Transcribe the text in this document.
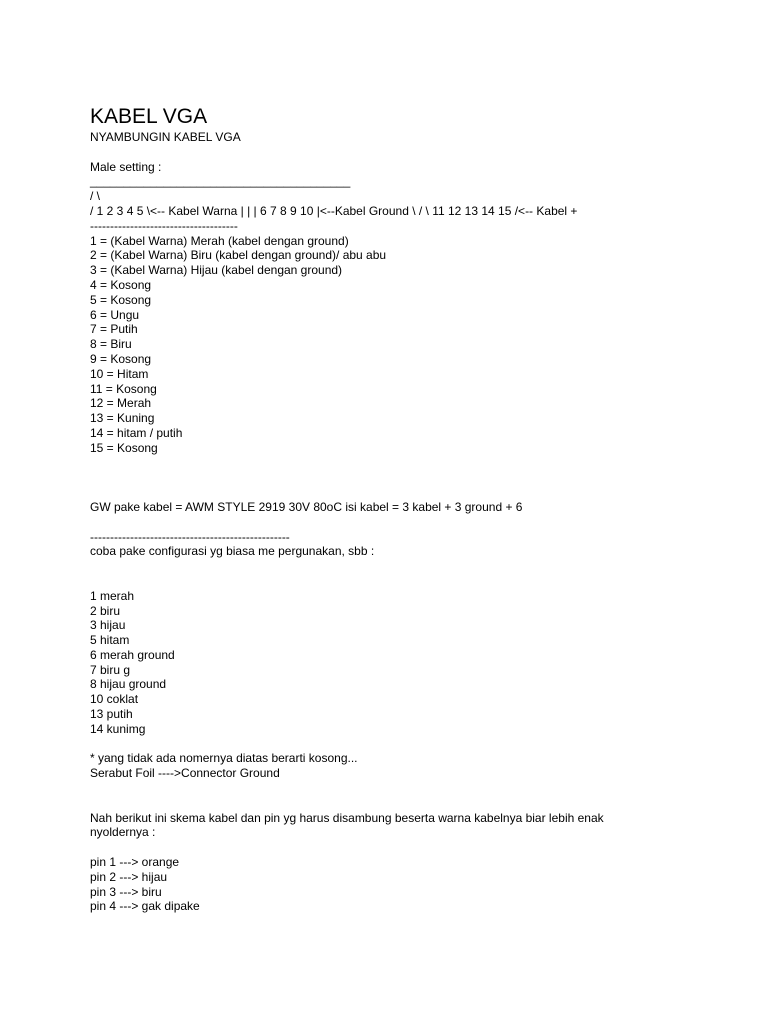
KABEL VGA
NYAMBUNGIN KABEL VGA
Male setting :
_______________________________________
/ \
/ 1 2 3 4 5 \<-- Kabel Warna | | | 6 7 8 9 10 |<--Kabel Ground \ / \ 11 12 13 14 15 /<-- Kabel +
-------------------------------------
1 = (Kabel Warna) Merah (kabel dengan ground)
2 = (Kabel Warna) Biru (kabel dengan ground)/ abu abu
3 = (Kabel Warna) Hijau (kabel dengan ground)
4 = Kosong
5 = Kosong
6 = Ungu
7 = Putih
8 = Biru
9 = Kosong
10 = Hitam
11 = Kosong
12 = Merah
13 = Kuning
14 = hitam / putih
15 = Kosong
GW pake kabel = AWM STYLE 2919 30V 80oC isi kabel = 3 kabel + 3 ground + 6
--------------------------------------------------
coba pake configurasi yg biasa me pergunakan, sbb :
1 merah
2 biru
3 hijau
5 hitam
6 merah ground
7 biru g
8 hijau ground
10 coklat
13 putih
14 kunimg
* yang tidak ada nomernya diatas berarti kosong...
Serabut Foil ---->Connector Ground
Nah berikut ini skema kabel dan pin yg harus disambung beserta warna kabelnya biar lebih enak
nyoldernya :
pin 1 ---> orange
pin 2 ---> hijau
pin 3 ---> biru
pin 4 ---> gak dipake
